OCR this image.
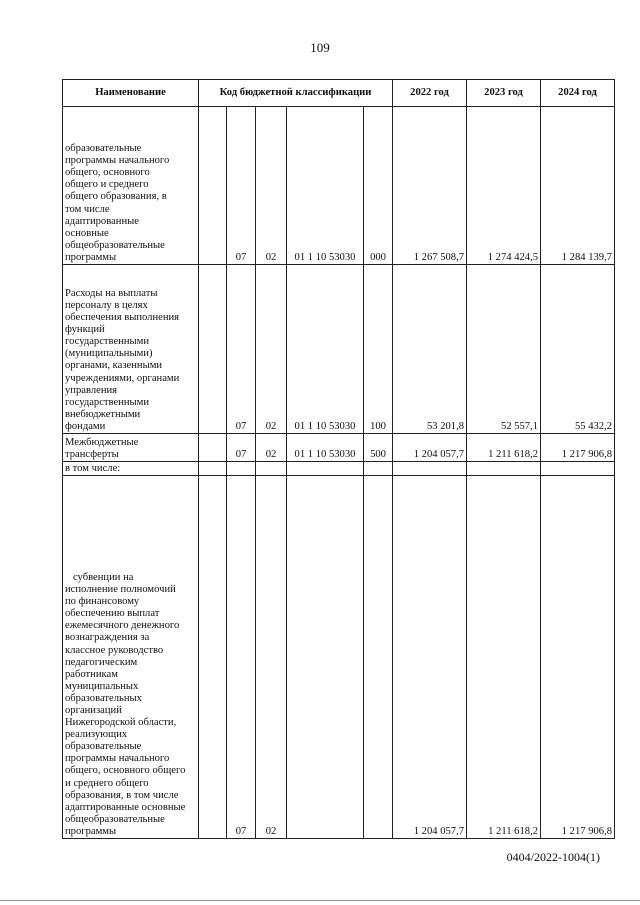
109
Наименование	Код бюджетной классификации					2022 год	2023 год	2024 год

образовательные программы начального общего, основного общего и среднего общего образования, в том числе адаптированные основные общеобразовательные программы		07	02	01 1 10 53030	000	1 267 508,7	1 274 424,5	1 284 139,7

Расходы на выплаты персоналу в целях обеспечения выполнения функций государственными (муниципальными) органами, казенными учреждениями, органами управления государственными внебюджетными фондами		07	02	01 1 10 53030	100	53 201,8	52 557,1	55 432,2

Межбюджетные трансферты		07	02	01 1 10 53030	500	1 204 057,7	1 211 618,2	1 217 906,8

в том числе:								

субвенции на исполнение полномочий по финансовому обеспечению выплат ежемесячного денежного вознаграждения за классное руководство педагогическим работникам муниципальных образовательных организаций Нижегородской области, реализующих образовательные программы начального общего, основного общего и среднего общего образования, в том числе адаптированные основные общеобразовательные программы		07	02			1 204 057,7	1 211 618,2	1 217 906,8
0404/2022-1004(1)
